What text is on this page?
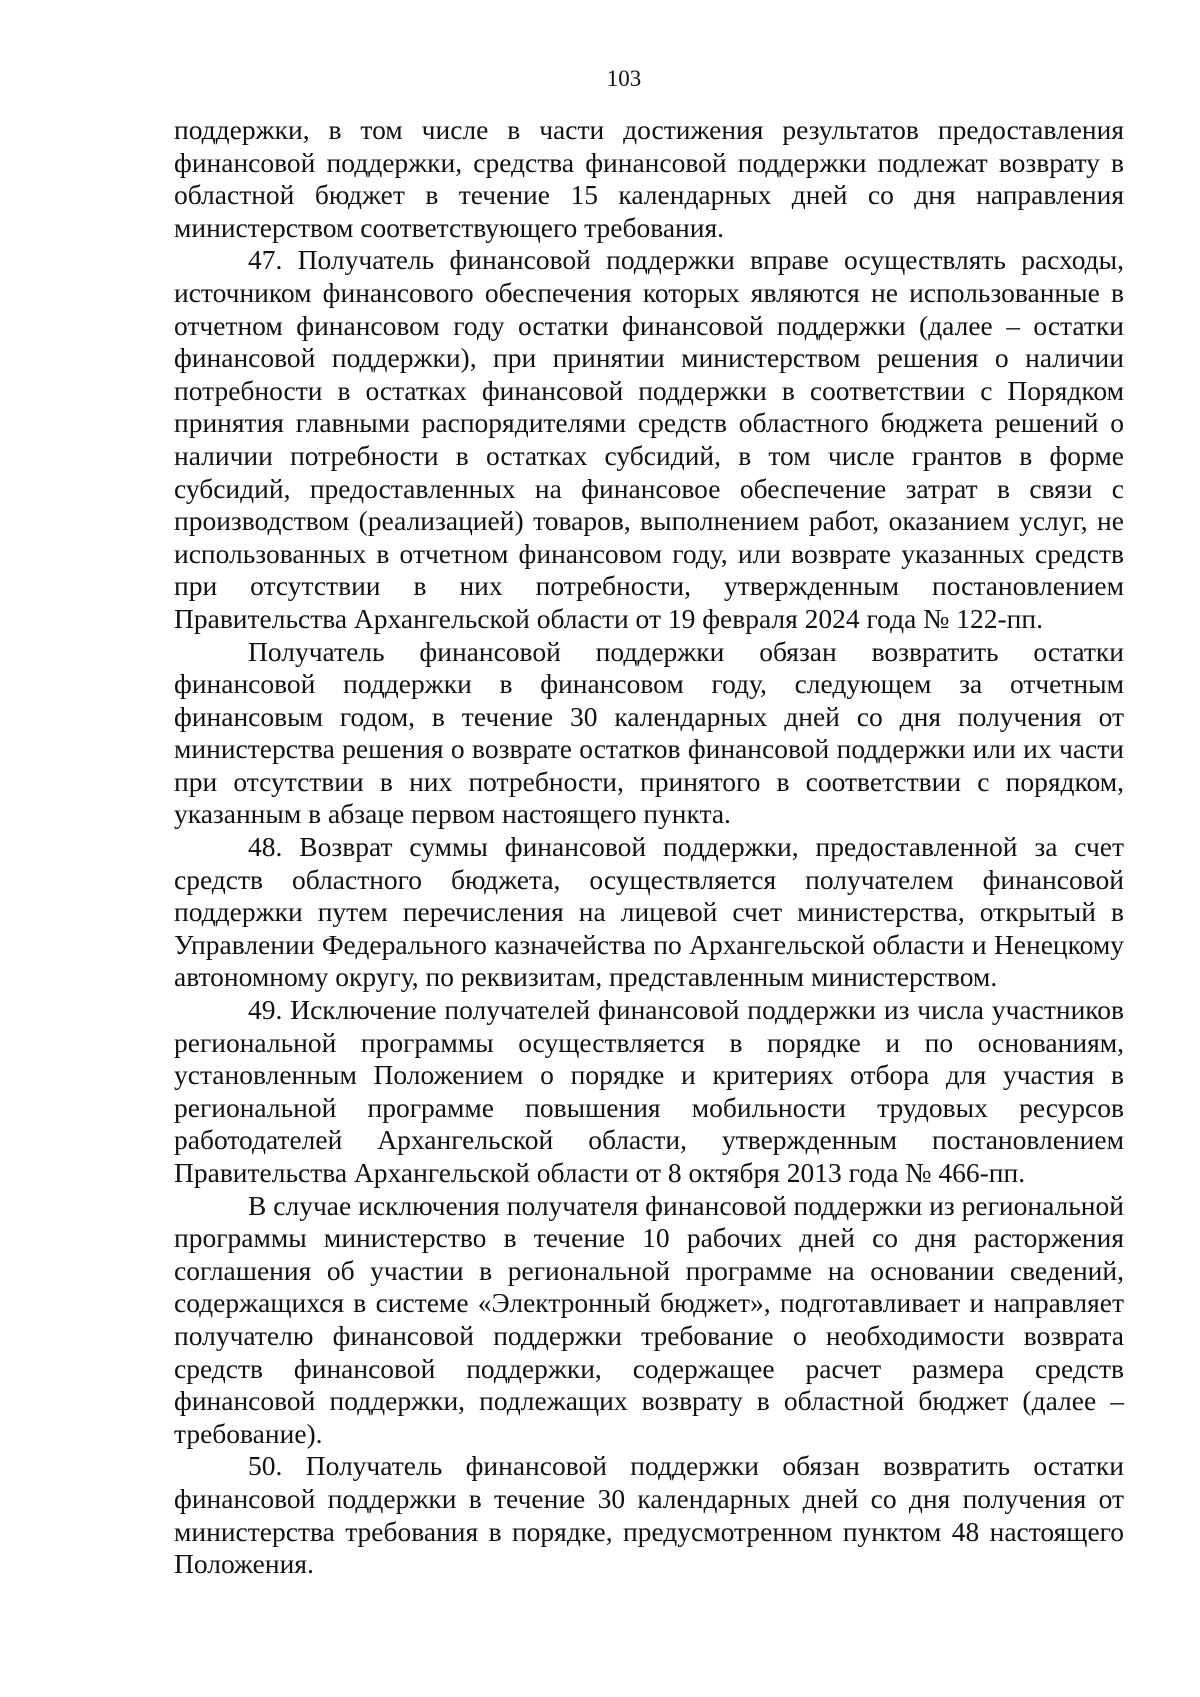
103

поддержки, в том числе в части достижения результатов предоставления финансовой поддержки, средства финансовой поддержки подлежат возврату в областной бюджет в течение 15 календарных дней со дня направления министерством соответствующего требования.

47. Получатель финансовой поддержки вправе осуществлять расходы, источником финансового обеспечения которых являются не использованные в отчетном финансовом году остатки финансовой поддержки (далее – остатки финансовой поддержки), при принятии министерством решения о наличии потребности в остатках финансовой поддержки в соответствии с Порядком принятия главными распорядителями средств областного бюджета решений о наличии потребности в остатках субсидий, в том числе грантов в форме субсидий, предоставленных на финансовое обеспечение затрат в связи с производством (реализацией) товаров, выполнением работ, оказанием услуг, не использованных в отчетном финансовом году, или возврате указанных средств при отсутствии в них потребности, утвержденным постановлением Правительства Архангельской области от 19 февраля 2024 года № 122-пп.

Получатель финансовой поддержки обязан возвратить остатки финансовой поддержки в финансовом году, следующем за отчетным финансовым годом, в течение 30 календарных дней со дня получения от министерства решения о возврате остатков финансовой поддержки или их части при отсутствии в них потребности, принятого в соответствии с порядком, указанным в абзаце первом настоящего пункта.

48. Возврат суммы финансовой поддержки, предоставленной за счет средств областного бюджета, осуществляется получателем финансовой поддержки путем перечисления на лицевой счет министерства, открытый в Управлении Федерального казначейства по Архангельской области и Ненецкому автономному округу, по реквизитам, представленным министерством.

49. Исключение получателей финансовой поддержки из числа участников региональной программы осуществляется в порядке и по основаниям, установленным Положением о порядке и критериях отбора для участия в региональной программе повышения мобильности трудовых ресурсов работодателей Архангельской области, утвержденным постановлением Правительства Архангельской области от 8 октября 2013 года № 466-пп.

В случае исключения получателя финансовой поддержки из региональной программы министерство в течение 10 рабочих дней со дня расторжения соглашения об участии в региональной программе на основании сведений, содержащихся в системе «Электронный бюджет», подготавливает и направляет получателю финансовой поддержки требование о необходимости возврата средств финансовой поддержки, содержащее расчет размера средств финансовой поддержки, подлежащих возврату в областной бюджет (далее – требование).

50. Получатель финансовой поддержки обязан возвратить остатки финансовой поддержки в течение 30 календарных дней со дня получения от министерства требования в порядке, предусмотренном пунктом 48 настоящего Положения.
